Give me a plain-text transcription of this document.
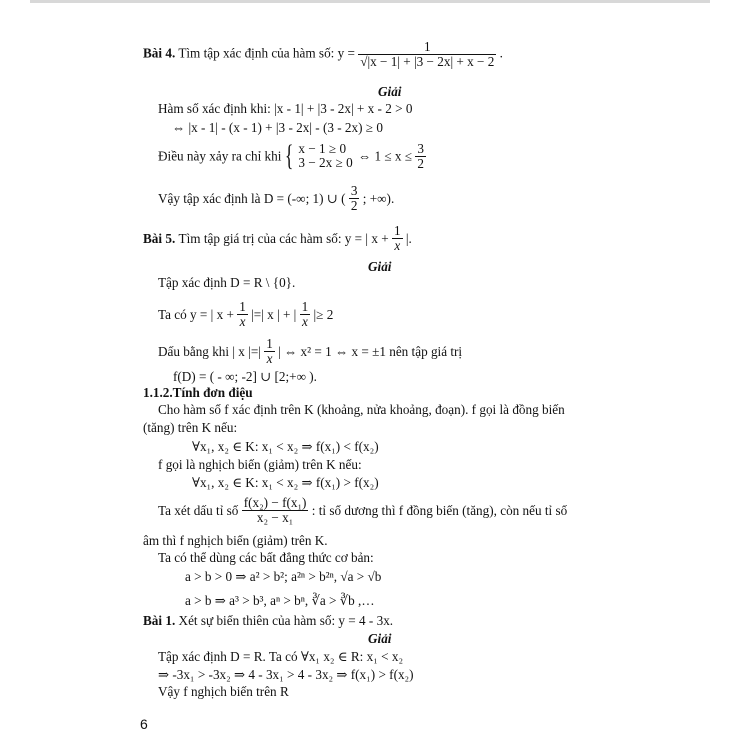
Bài 4. Tìm tập xác định của hàm số: $y = \frac{1}{√|x - 1| + |3 - 2x| + x - 2}$ .
Giải
Hàm số xác định khi: |x - 1| + |3 - 2x| + x - 2 > 0
⇔ |x - 1| - (x - 1) + |3 - 2x| - (3 - 2x) ≥ 0
Điều này xảy ra chỉ khi { x − 1 ≥ 0
3 − 2x ≥ 0 ⇔ $1 \le x \le \frac{3}{2}$
Vậy tập xác định là D = (-∞; 1) ∪ ( $\frac{3}{2}$ ; +∞).
Bài 5. Tìm tập giá trị của các hàm số: y = | $x + \frac{1}{x}$ |.
Giải
Tập xác định D = R \ {0}.
Ta có y = | $x + \frac{1}{x}$ |=| x | + | $\frac{1}{x}$ |≥ 2
Dấu bằng khi | x |=| $\frac{1}{x}$ | ⇔ x² = 1 ⇔ x = ±1 nên tập giá trị
f(D) = ( - ∞; -2] ∪ [2;+∞ ).
1.1.2.Tính đơn điệu
Cho hàm số f xác định trên K (khoảng, nửa khoảng, đoạn). f gọi là đồng biến
(tăng) trên K nếu:
∀x₁, x₂ ∈ K: x₁ < x₂ ⇒ f(x₁) < f(x₂)
f gọi là nghịch biến (giảm) trên K nếu:
∀x₁, x₂ ∈ K: x₁ < x₂ ⇒ f(x₁) > f(x₂)
Ta xét dấu tỉ số $\frac{\text{f(x₂) − f(x₁)}}{\text{x₂ − x₁}}$ : tỉ số dương thì f đồng biến (tăng), còn nếu tỉ số
âm thì f nghịch biến (giảm) trên K.
Ta có thể dùng các bất đẳng thức cơ bản:
a > b > 0 ⇒ a² > b²; a²ⁿ > b²ⁿ, √a > √b
a > b ⇒ a³ > b³, aⁿ > bⁿ, ∛a > ∛b ,…
Bài 1. Xét sự biến thiên của hàm số: y = 4 - 3x.
Giải
Tập xác định D = R. Ta có ∀x₁ x₂ ∈ R: x₁ < x₂
⇒ -3x₁ > -3x₂ ⇒ 4 - 3x₁ > 4 - 3x₂ ⇒ f(x₁) > f(x₂)
Vậy f nghịch biến trên R
6
